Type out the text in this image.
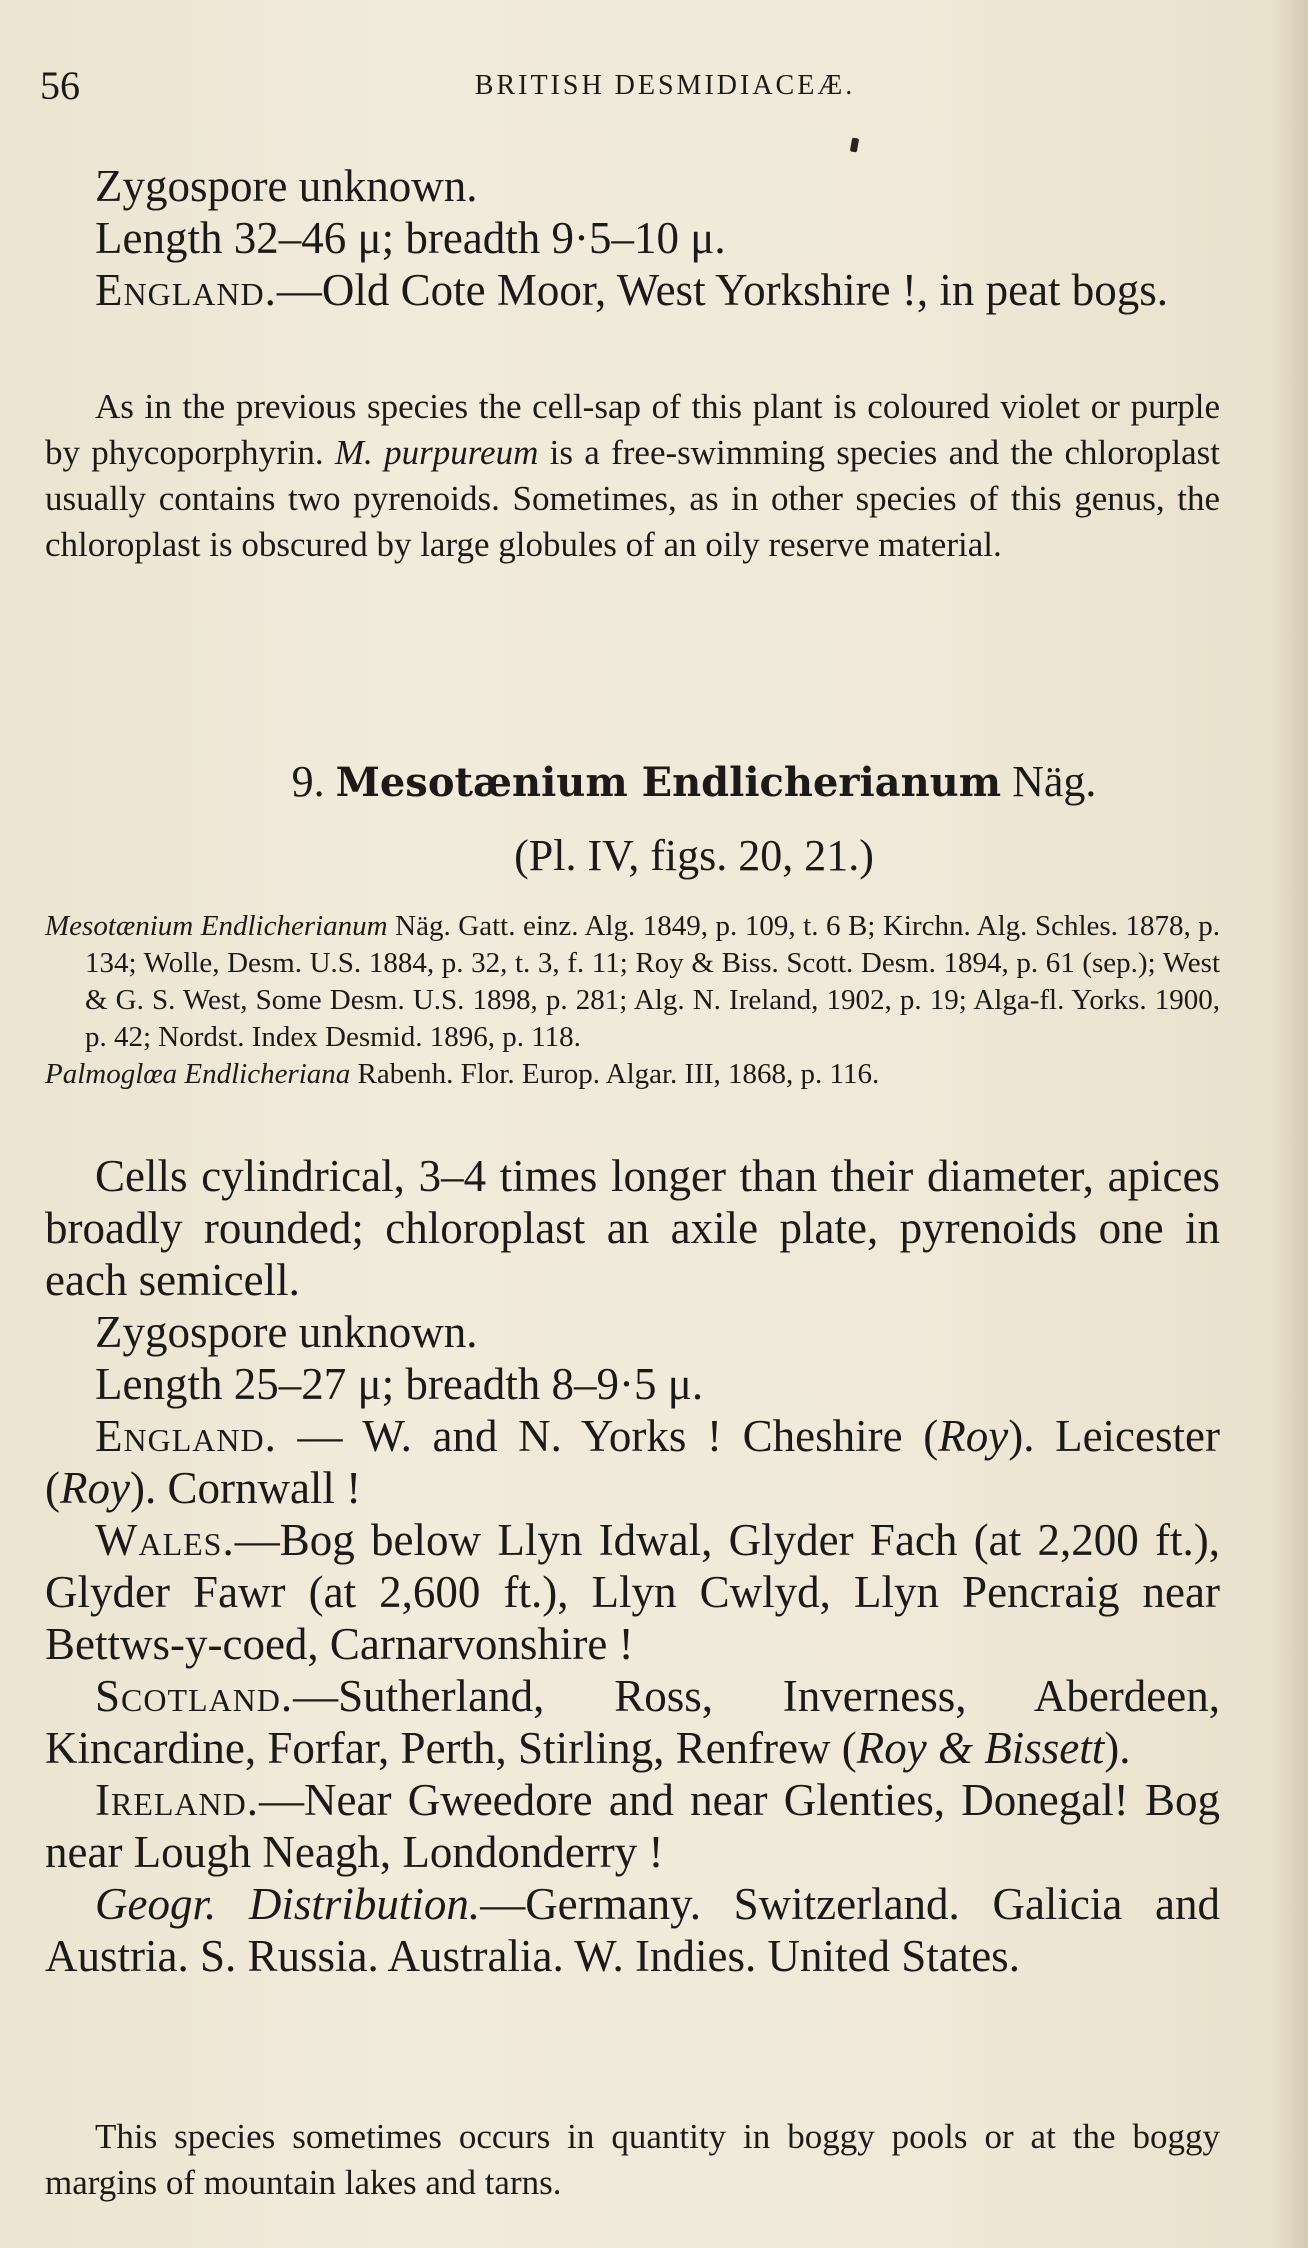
56	BRITISH DESMIDIACEÆ.

Zygospore unknown.

Length 32–46 μ; breadth 9·5–10 μ.

England.—Old Cote Moor, West Yorkshire !, in peat bogs.

As in the previous species the cell-sap of this plant is coloured violet or purple by phycoporphyrin. M. purpureum is a free-swimming species and the chloroplast usually contains two pyrenoids. Sometimes, as in other species of this genus, the chloroplast is obscured by large globules of an oily reserve material.

9. Mesotænium Endlicherianum Näg.
(Pl. IV, figs. 20, 21.)

Mesotænium Endlicherianum Näg. Gatt. einz. Alg. 1849, p. 109, t. 6 B; Kirchn. Alg. Schles. 1878, p. 134; Wolle, Desm. U.S. 1884, p. 32, t. 3, f. 11; Roy & Biss. Scott. Desm. 1894, p. 61 (sep.); West & G. S. West, Some Desm. U.S. 1898, p. 281; Alg. N. Ireland, 1902, p. 19; Alga-fl. Yorks. 1900, p. 42; Nordst. Index Desmid. 1896, p. 118.

Palmoglœa Endlicheriana Rabenh. Flor. Europ. Algar. III, 1868, p. 116.

Cells cylindrical, 3–4 times longer than their diameter, apices broadly rounded; chloroplast an axile plate, pyrenoids one in each semicell.

Zygospore unknown.

Length 25–27 μ; breadth 8–9·5 μ.

England. — W. and N. Yorks ! Cheshire (Roy). Leicester (Roy). Cornwall !

Wales.—Bog below Llyn Idwal, Glyder Fach (at 2,200 ft.), Glyder Fawr (at 2,600 ft.), Llyn Cwlyd, Llyn Pencraig near Bettws-y-coed, Carnarvonshire !

Scotland.—Sutherland, Ross, Inverness, Aberdeen, Kincardine, Forfar, Perth, Stirling, Renfrew (Roy & Bissett).

Ireland.—Near Gweedore and near Glenties, Donegal! Bog near Lough Neagh, Londonderry !

Geogr. Distribution.—Germany. Switzerland. Galicia and Austria. S. Russia. Australia. W. Indies. United States.

This species sometimes occurs in quantity in boggy pools or at the boggy margins of mountain lakes and tarns.
